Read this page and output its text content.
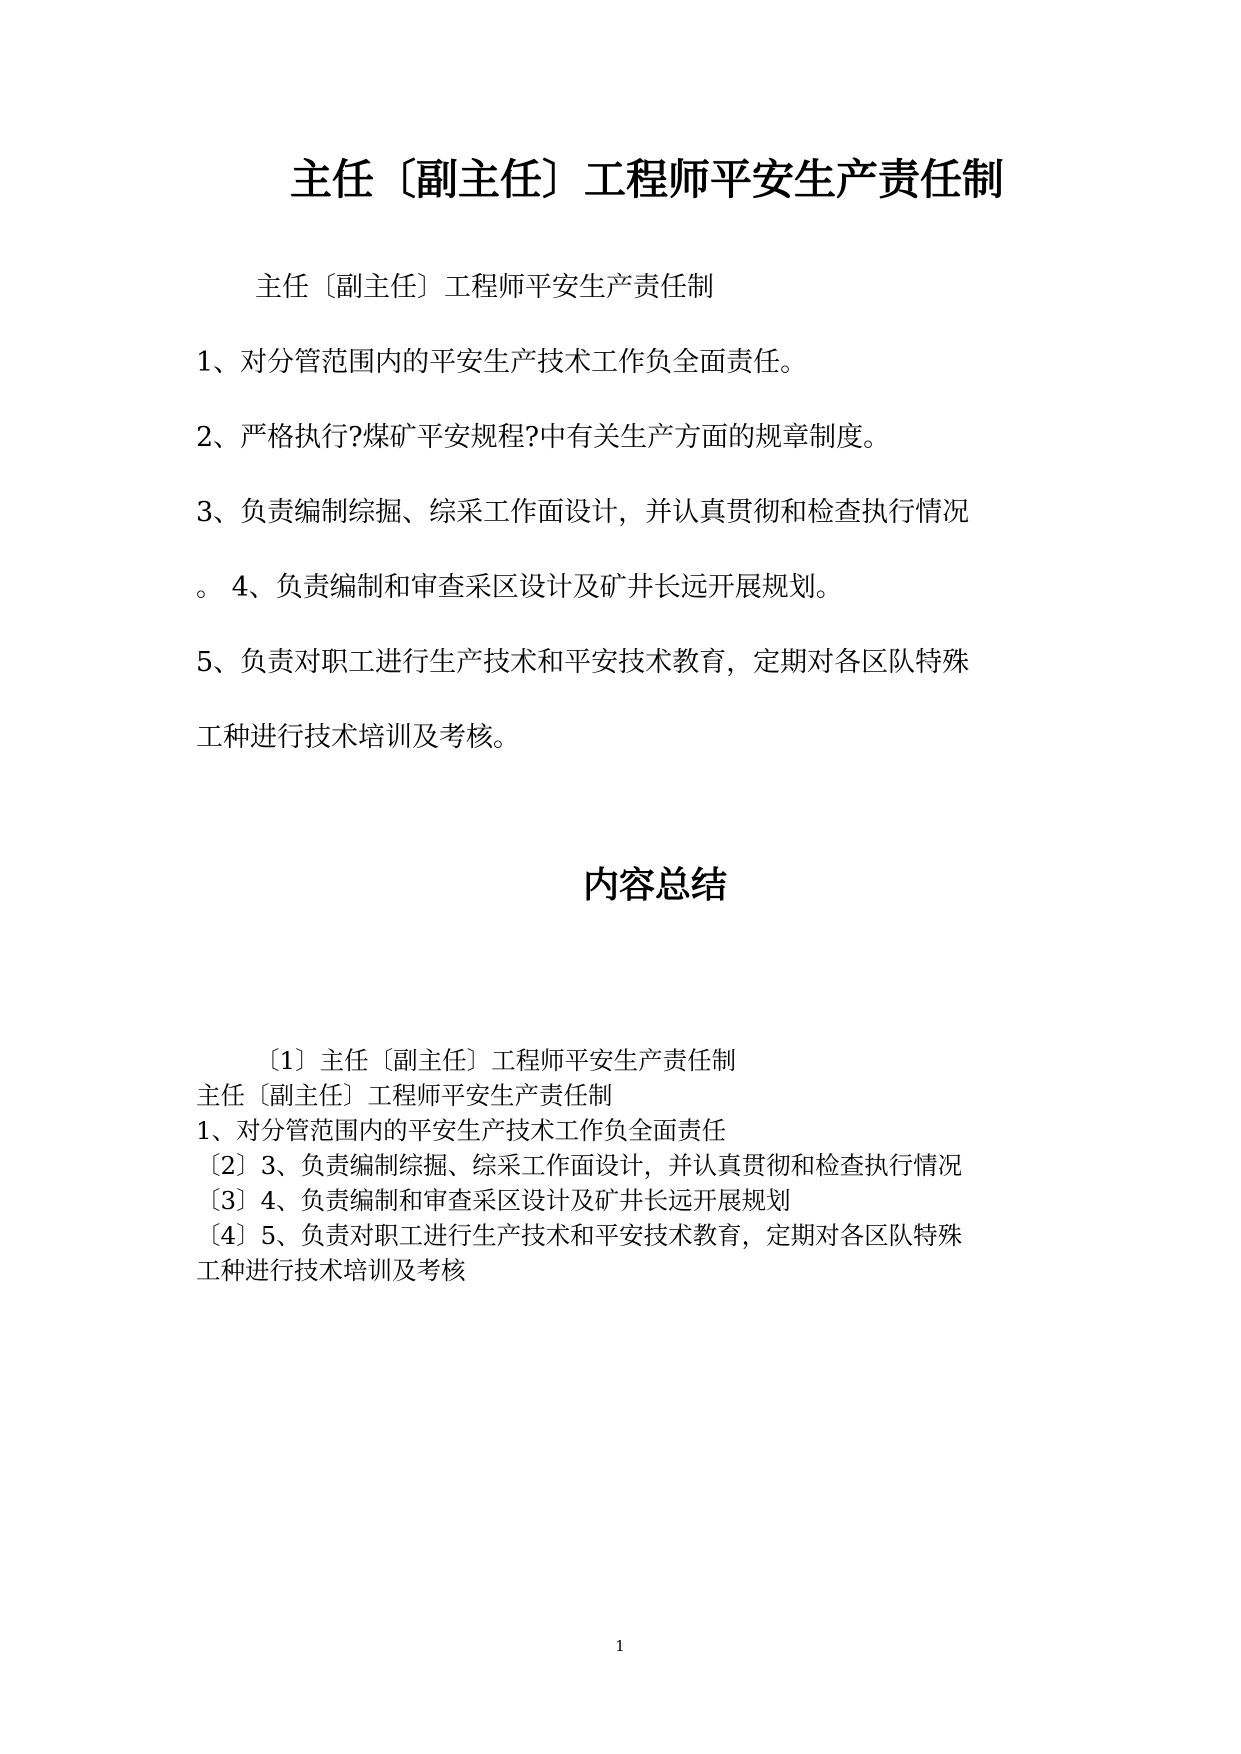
主任〔副主任〕工程师平安生产责任制

主任〔副主任〕工程师平安生产责任制

1、对分管范围内的平安生产技术工作负全面责任。

2、严格执行?煤矿平安规程?中有关生产方面的规章制度。

3、负责编制综掘、综采工作面设计，并认真贯彻和检查执行情况

。 4、负责编制和审查采区设计及矿井长远开展规划。

5、负责对职工进行生产技术和平安技术教育，定期对各区队特殊

工种进行技术培训及考核。

内容总结

〔1〕主任〔副主任〕工程师平安生产责任制

主任〔副主任〕工程师平安生产责任制

1、对分管范围内的平安生产技术工作负全面责任

〔2〕3、负责编制综掘、综采工作面设计，并认真贯彻和检查执行情况

〔3〕4、负责编制和审查采区设计及矿井长远开展规划

〔4〕5、负责对职工进行生产技术和平安技术教育，定期对各区队特殊

工种进行技术培训及考核

1
